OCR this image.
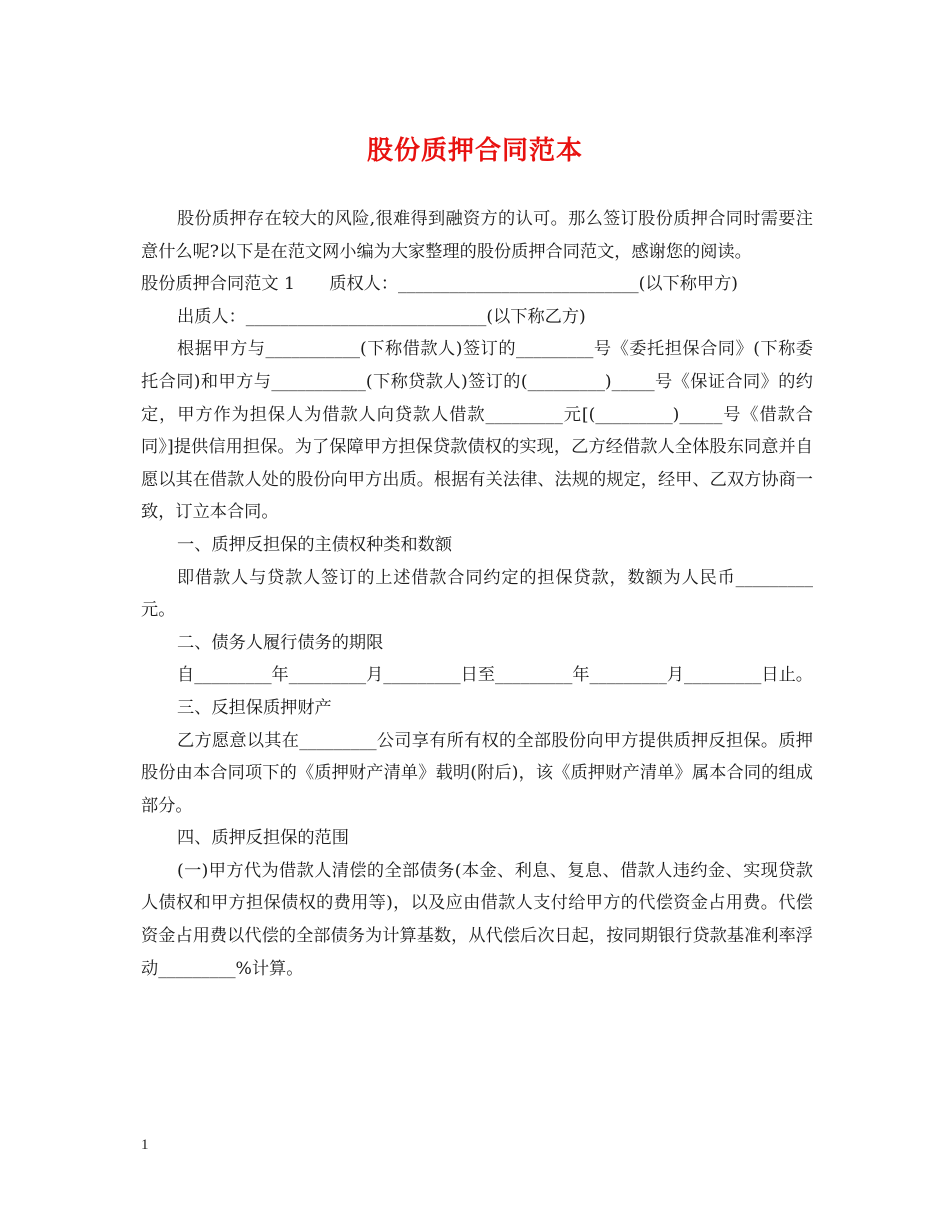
股份质押合同范本

股份质押存在较大的风险,很难得到融资方的认可。那么签订股份质押合同时需要注意什么呢?以下是在范文网小编为大家整理的股份质押合同范文，感谢您的阅读。

股份质押合同范文 1　　质权人：____________________________(以下称甲方)

出质人：____________________________(以下称乙方)

根据甲方与___________(下称借款人)签订的_________号《委托担保合同》(下称委托合同)和甲方与___________(下称贷款人)签订的(_________)_____号《保证合同》的约定，甲方作为担保人为借款人向贷款人借款_________元[(_________)_____号《借款合同》]提供信用担保。为了保障甲方担保贷款债权的实现，乙方经借款人全体股东同意并自愿以其在借款人处的股份向甲方出质。根据有关法律、法规的规定，经甲、乙双方协商一致，订立本合同。

一、质押反担保的主债权种类和数额

即借款人与贷款人签订的上述借款合同约定的担保贷款，数额为人民币_________元。

二、债务人履行债务的期限

自_________年_________月_________日至_________年_________月_________日止。

三、反担保质押财产

乙方愿意以其在_________公司享有所有权的全部股份向甲方提供质押反担保。质押股份由本合同项下的《质押财产清单》载明(附后)，该《质押财产清单》属本合同的组成部分。

四、质押反担保的范围

(一)甲方代为借款人清偿的全部债务(本金、利息、复息、借款人违约金、实现贷款人债权和甲方担保债权的费用等)，以及应由借款人支付给甲方的代偿资金占用费。代偿资金占用费以代偿的全部债务为计算基数，从代偿后次日起，按同期银行贷款基准利率浮动_________%计算。

1
